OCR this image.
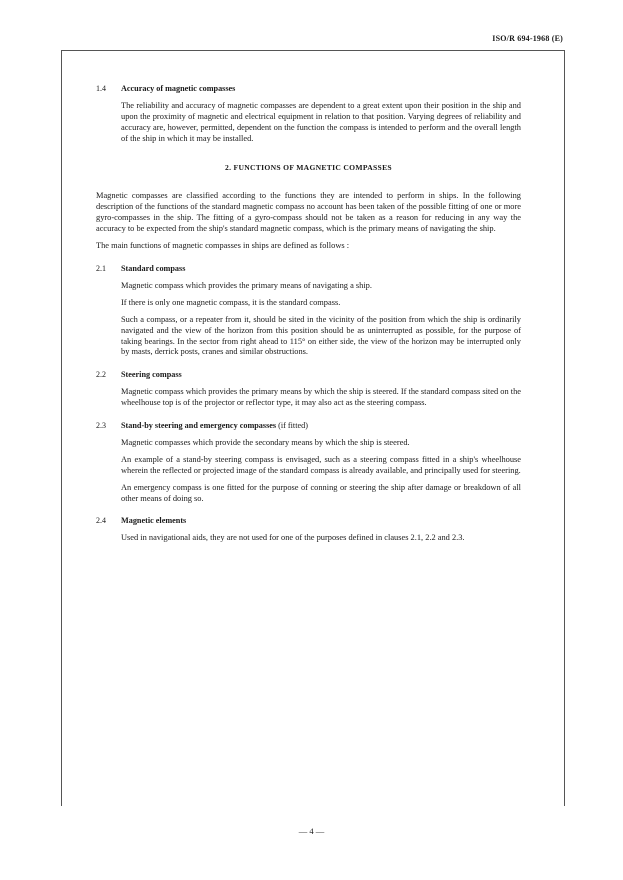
ISO/R 694-1968 (E)
1.4	Accuracy of magnetic compasses

The reliability and accuracy of magnetic compasses are dependent to a great extent upon their position in the ship and upon the proximity of magnetic and electrical equipment in relation to that position. Varying degrees of reliability and accuracy are, however, permitted, dependent on the function the compass is intended to perform and the overall length of the ship in which it may be installed.

2. FUNCTIONS OF MAGNETIC COMPASSES

Magnetic compasses are classified according to the functions they are intended to perform in ships. In the following description of the functions of the standard magnetic compass no account has been taken of the possible fitting of one or more gyro-compasses in the ship. The fitting of a gyro-compass should not be taken as a reason for reducing in any way the accuracy to be expected from the ship's standard magnetic compass, which is the primary means of navigating the ship.

The main functions of magnetic compasses in ships are defined as follows :

2.1	Standard compass

Magnetic compass which provides the primary means of navigating a ship.

If there is only one magnetic compass, it is the standard compass.

Such a compass, or a repeater from it, should be sited in the vicinity of the position from which the ship is ordinarily navigated and the view of the horizon from this position should be as uninterrupted as possible, for the purpose of taking bearings. In the sector from right ahead to 115° on either side, the view of the horizon may be interrupted only by masts, derrick posts, cranes and similar obstructions.

2.2	Steering compass

Magnetic compass which provides the primary means by which the ship is steered. If the standard compass sited on the wheelhouse top is of the projector or reflector type, it may also act as the steering compass.

2.3	Stand-by steering and emergency compasses (if fitted)

Magnetic compasses which provide the secondary means by which the ship is steered.

An example of a stand-by steering compass is envisaged, such as a steering compass fitted in a ship's wheelhouse wherein the reflected or projected image of the standard compass is already available, and principally used for steering.

An emergency compass is one fitted for the purpose of conning or steering the ship after damage or breakdown of all other means of doing so.

2.4	Magnetic elements

Used in navigational aids, they are not used for one of the purposes defined in clauses 2.1, 2.2 and 2.3.

— 4 —
